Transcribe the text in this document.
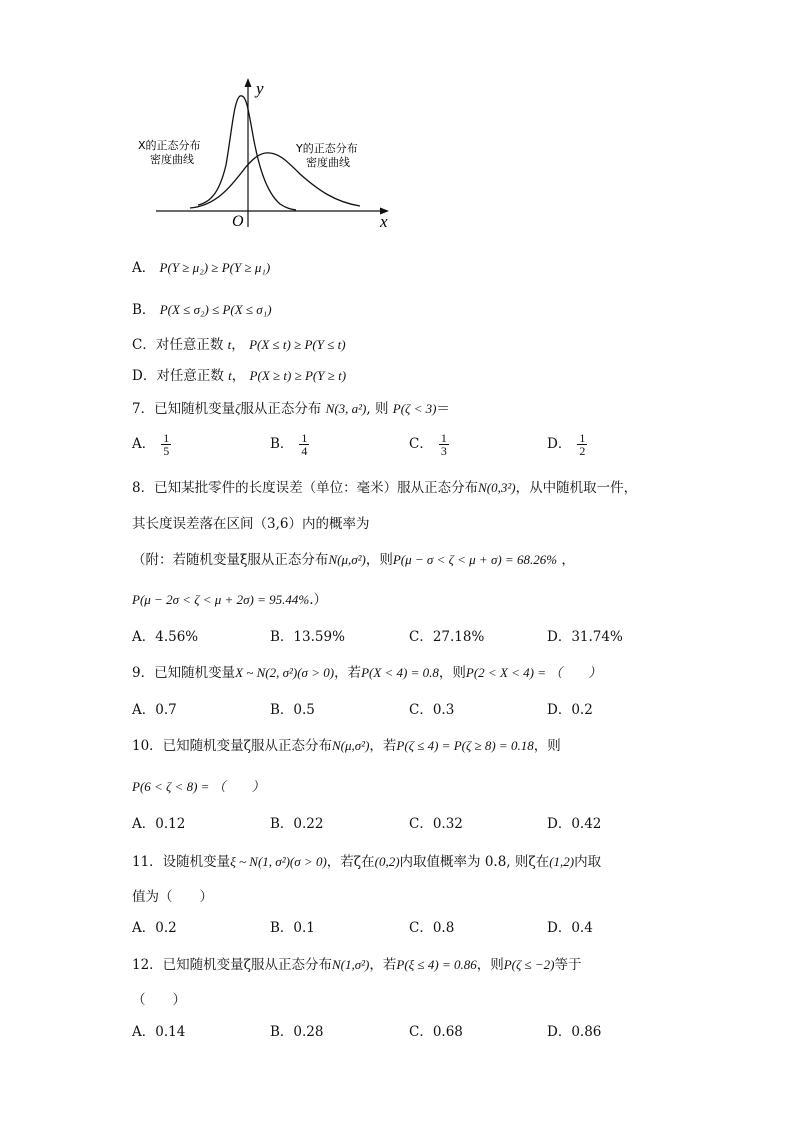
y
x
O
X的正态分布
密度曲线
Y的正态分布
密度曲线
A． P(Y ≥ μ₂) ≥ P(Y ≥ μ₁)
B． P(X ≤ σ₂) ≤ P(X ≤ σ₁)
C．对任意正数 t， P(X ≤ t) ≥ P(Y ≤ t)
D．对任意正数 t， P(X ≥ t) ≥ P(Y ≥ t)
7．已知随机变量ζ服从正态分布 N(3, a²), 则 P(ζ < 3)＝
A． $\frac{1}{5}$	B． $\frac{1}{4}$	C． $\frac{1}{3}$	D． $\frac{1}{2}$
8．已知某批零件的长度误差（单位：毫米）服从正态分布N(0,3²)，从中随机取一件，
其长度误差落在区间（3,6）内的概率为
（附：若随机变量ξ服从正态分布N(μ,σ²)，则P(μ − σ < ζ < μ + σ) = 68.26% ，
P(μ − 2σ < ζ < μ + 2σ) = 95.44%.）
A．4.56%	B．13.59%	C．27.18%	D．31.74%
9．已知随机变量X ~ N(2, σ²)(σ > 0)，若P(X < 4) = 0.8，则P(2 < X < 4) = （　　）
A．0.7	B．0.5	C．0.3	D．0.2
10．已知随机变量ζ服从正态分布N(μ,σ²)，若P(ζ ≤ 4) = P(ζ ≥ 8) = 0.18，则
P(6 < ζ < 8) = （　　）
A．0.12	B．0.22	C．0.32	D．0.42
11．设随机变量ξ ~ N(1, σ²)(σ > 0)，若ζ在(0,2)内取值概率为 0.8, 则ζ在(1,2)内取
值为（　　）
A．0.2	B．0.1	C．0.8	D．0.4
12．已知随机变量ζ服从正态分布N(1,σ²)，若P(ξ ≤ 4) = 0.86，则P(ζ ≤ −2)等于
（　　）
A．0.14	B．0.28	C．0.68	D．0.86
